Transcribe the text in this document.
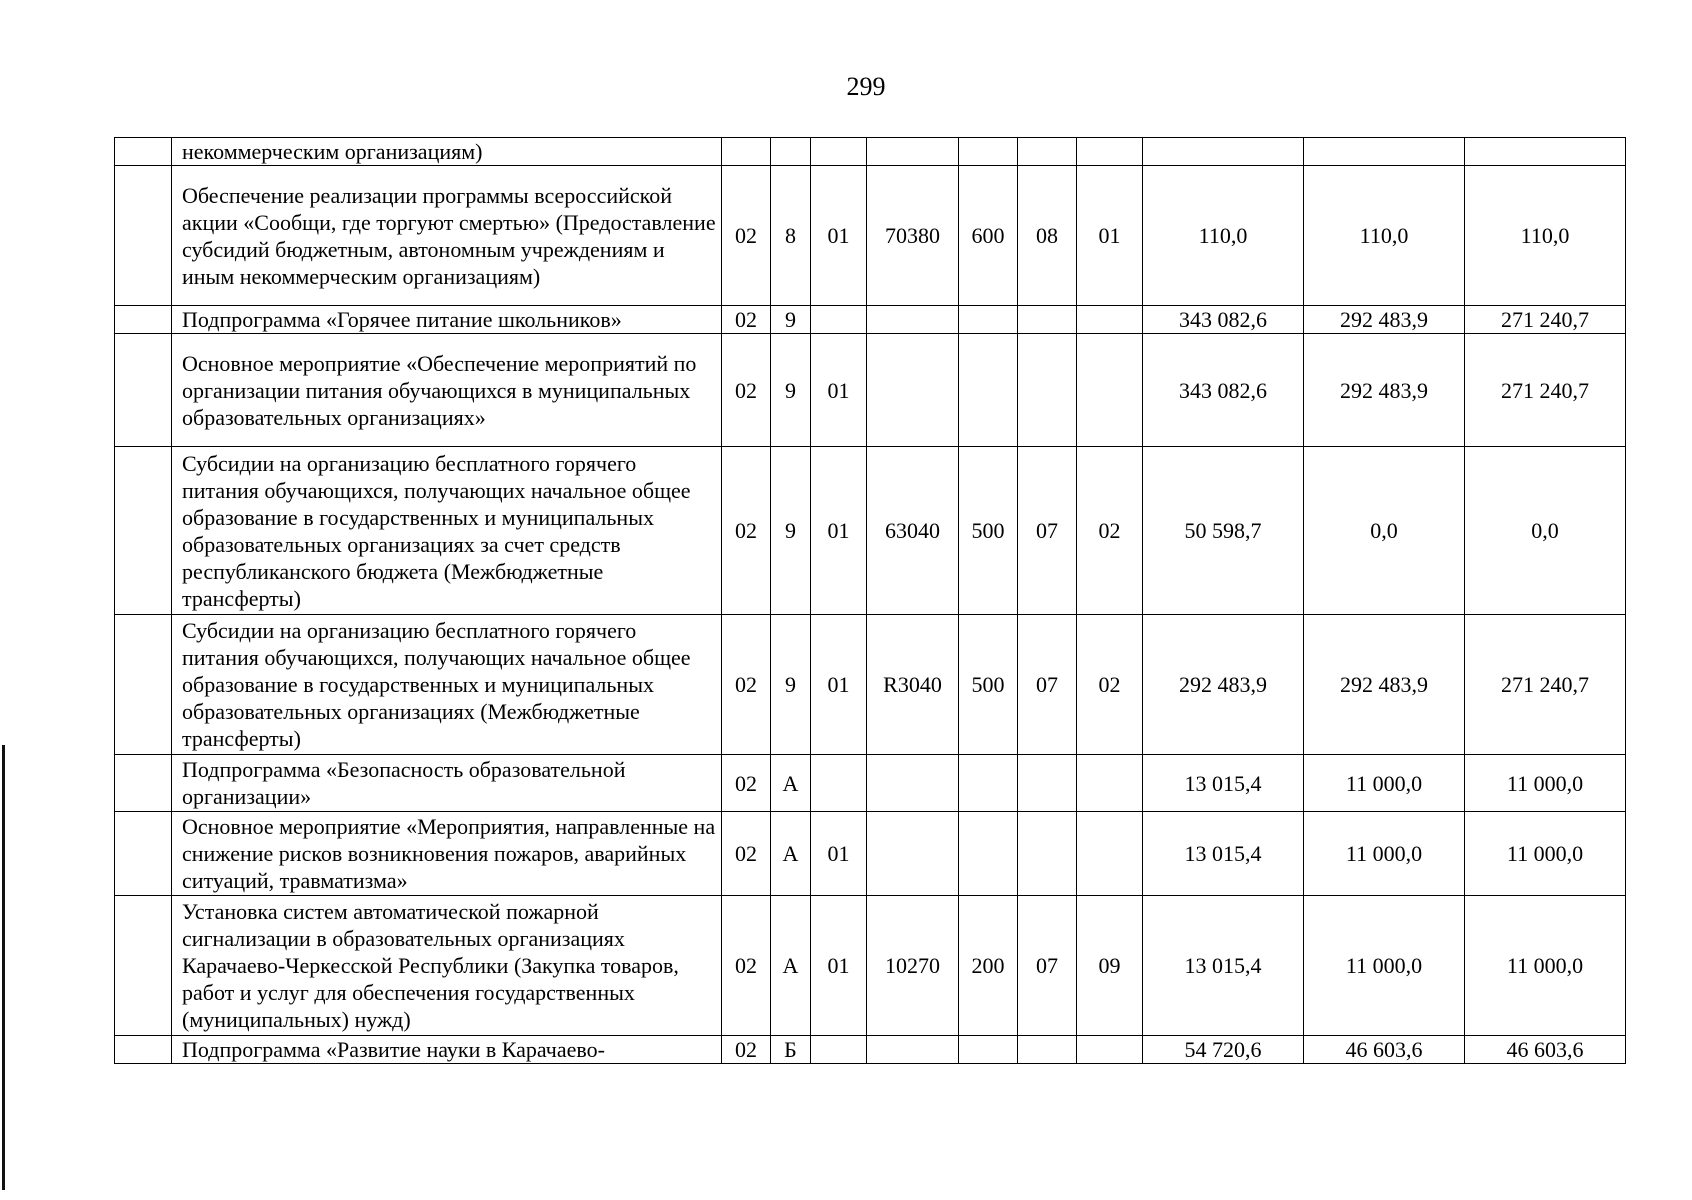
299
	некоммерческим организациям)										
	Обеспечение реализации программы всероссийской акции «Сообщи, где торгуют смертью» (Предоставление субсидий бюджетным, автономным учреждениям и иным некоммерческим организациям)	02	8	01	70380	600	08	01	110,0	110,0	110,0
	Подпрограмма «Горячее питание школьников»	02	9						343 082,6	292 483,9	271 240,7
	Основное мероприятие «Обеспечение мероприятий по организации питания обучающихся в муниципальных образовательных организациях»	02	9	01					343 082,6	292 483,9	271 240,7
	Субсидии на организацию бесплатного горячего питания обучающихся, получающих начальное общее образование в государственных и муниципальных образовательных организациях за счет средств республиканского бюджета (Межбюджетные трансферты)	02	9	01	63040	500	07	02	50 598,7	0,0	0,0
	Субсидии на организацию бесплатного горячего питания обучающихся, получающих начальное общее образование в государственных и муниципальных образовательных организациях (Межбюджетные трансферты)	02	9	01	R3040	500	07	02	292 483,9	292 483,9	271 240,7
	Подпрограмма «Безопасность образовательной организации»	02	А						13 015,4	11 000,0	11 000,0
	Основное мероприятие «Мероприятия, направленные на снижение рисков возникновения пожаров, аварийных ситуаций, травматизма»	02	А	01					13 015,4	11 000,0	11 000,0
	Установка систем автоматической пожарной сигнализации в образовательных организациях Карачаево-Черкесской Республики (Закупка товаров, работ и услуг для обеспечения государственных (муниципальных) нужд)	02	А	01	10270	200	07	09	13 015,4	11 000,0	11 000,0
	Подпрограмма «Развитие науки в Карачаево-	02	Б						54 720,6	46 603,6	46 603,6
